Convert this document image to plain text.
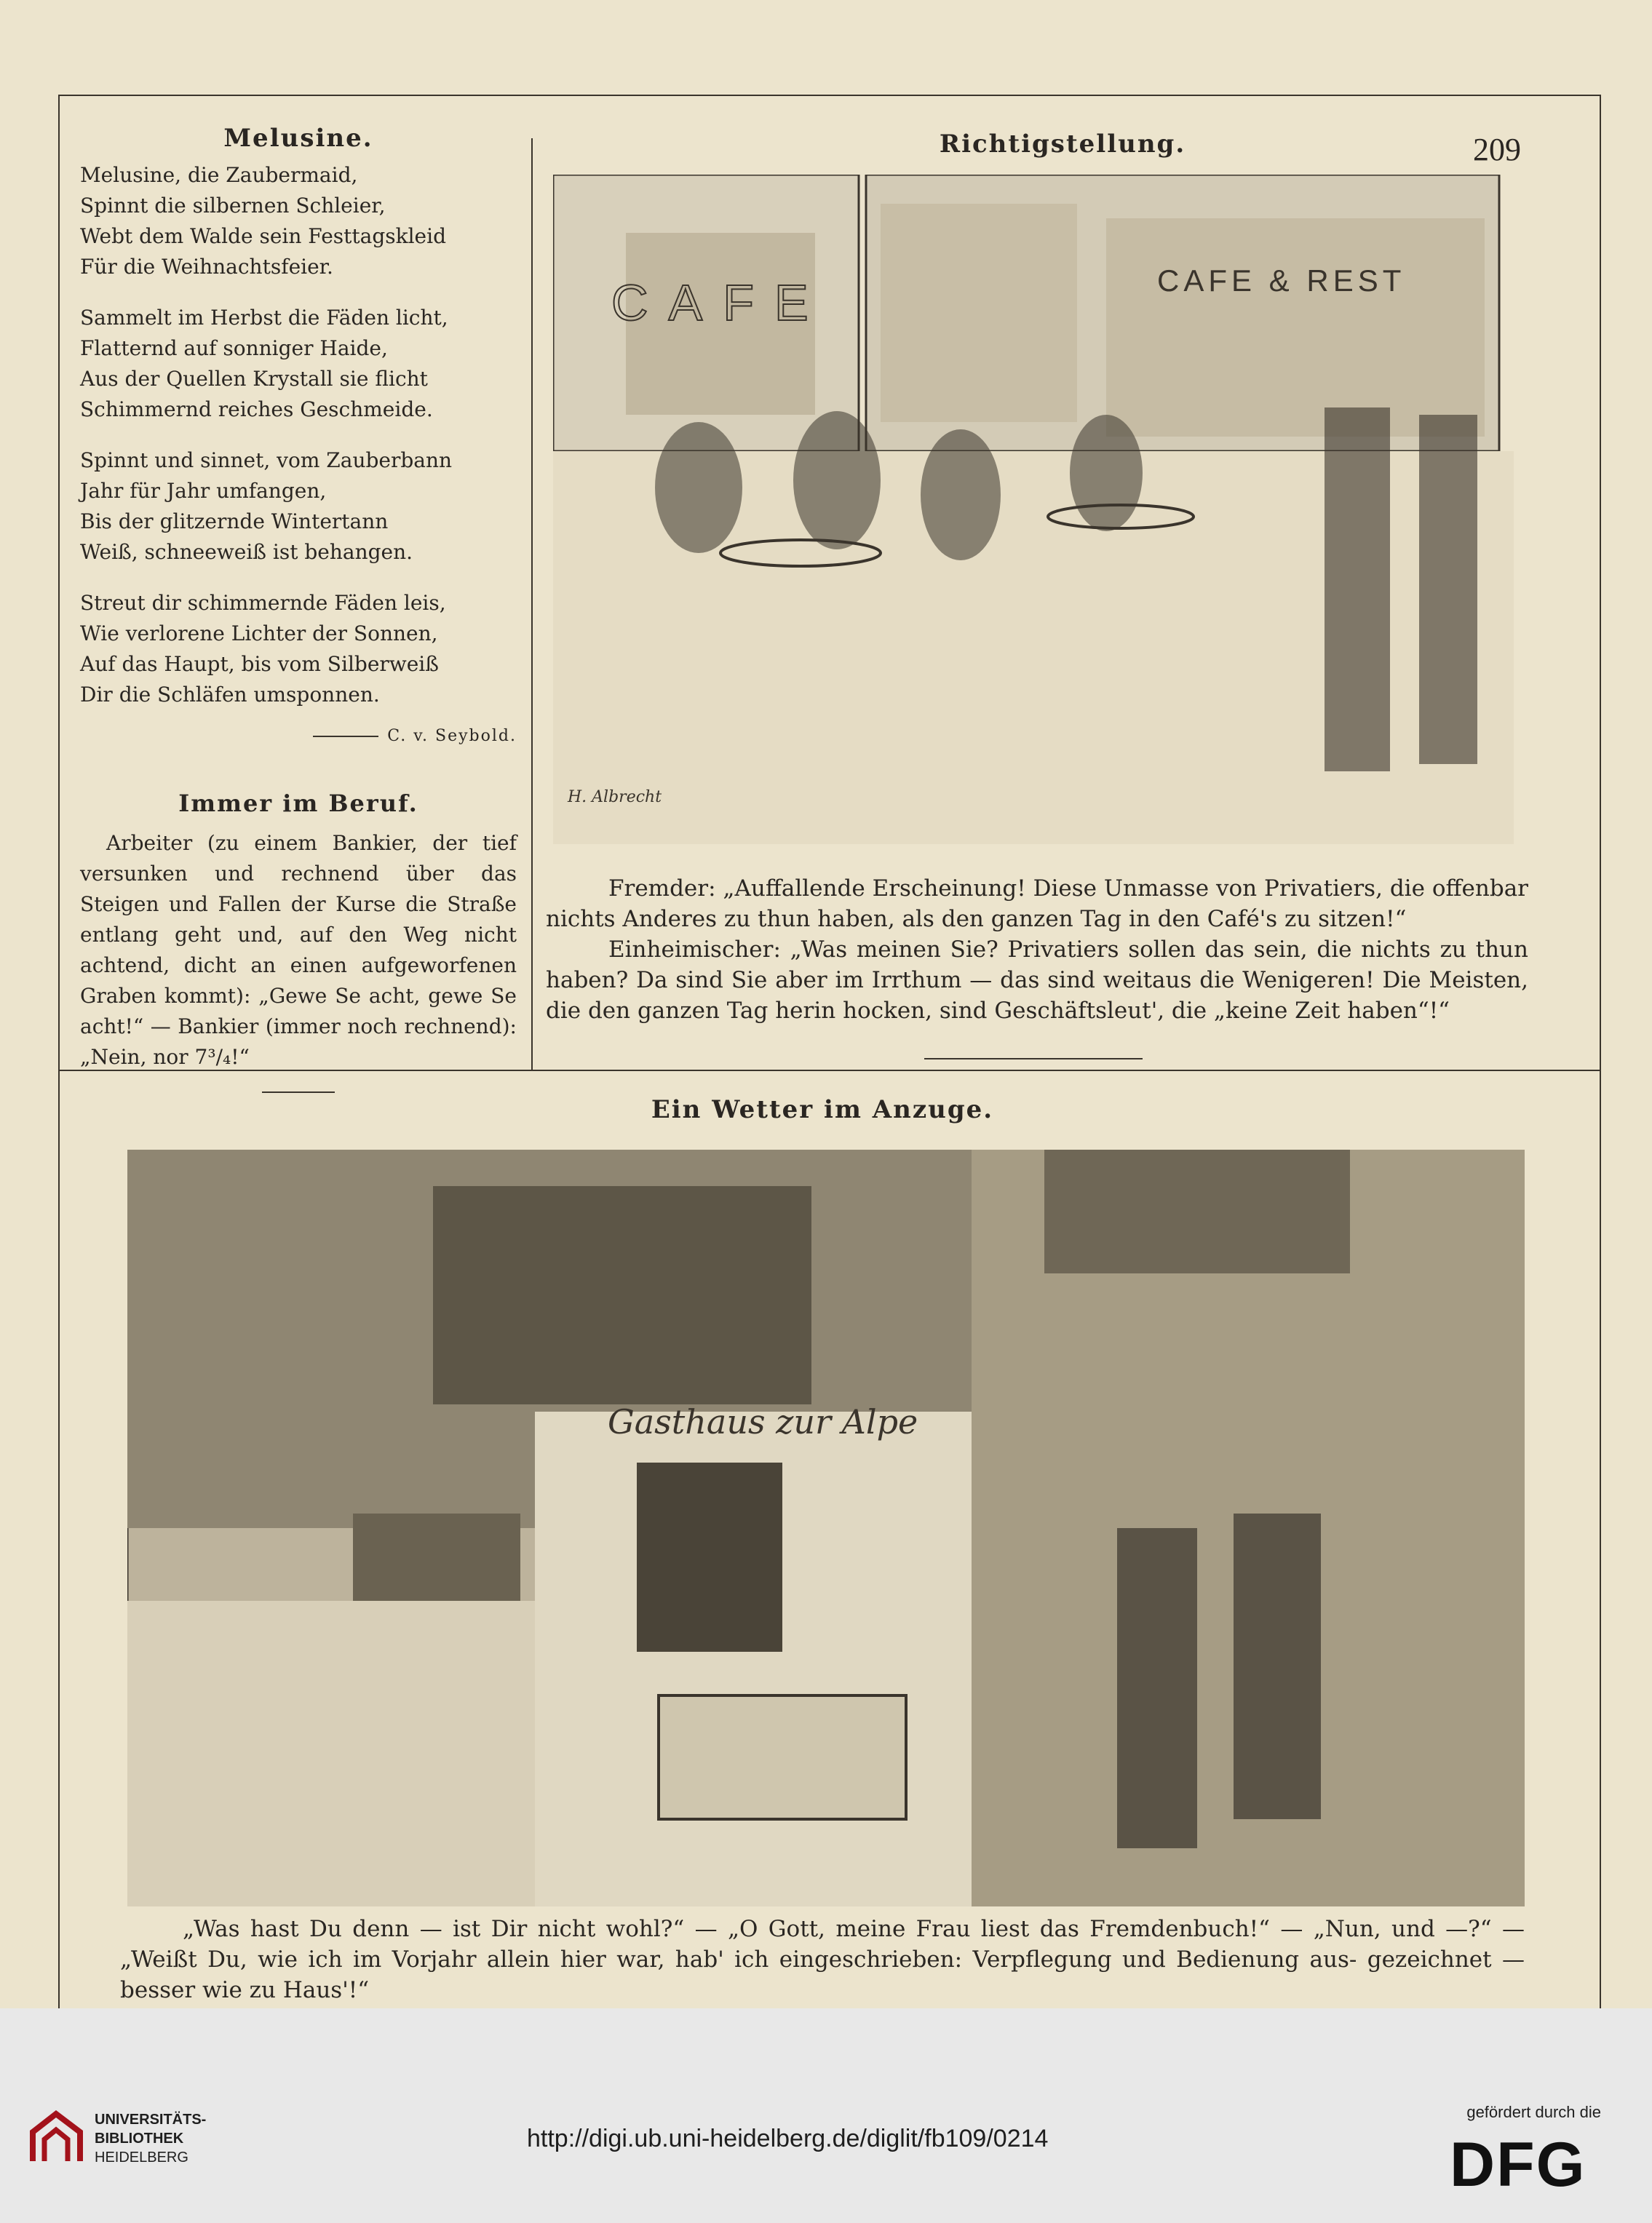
209
Melusine.
Melusine, die Zaubermaid,
Spinnt die silbernen Schleier,
Webt dem Walde sein Festtagskleid
Für die Weihnachtsfeier.
Sammelt im Herbst die Fäden licht,
Flatternd auf sonniger Haide,
Aus der Quellen Krystall sie flicht
Schimmernd reiches Geschmeide.
Spinnt und sinnet, vom Zauberbann
Jahr für Jahr umfangen,
Bis der glitzernde Wintertann
Weiß, schneeweiß ist behangen.
Streut dir schimmernde Fäden leis,
Wie verlorene Lichter der Sonnen,
Auf das Haupt, bis vom Silberweiß
Dir die Schläfen umsponnen.
C. v. Seybold.
Immer im Beruf.
Arbeiter (zu einem Bankier, der tief versunken und rechnend über das Steigen und Fallen der Kurse die Straße entlang geht und, auf den Weg nicht achtend, dicht an einen aufgeworfenen Graben kommt): „Gewe Se acht, gewe Se acht!“ — Bankier (immer noch rechnend): „Nein, nor 7³/₄!“
Richtigstellung.
CAFE	CAFE & REST
H. Albrecht

Fremder: „Auffallende Erscheinung! Diese Unmasse von Privatiers, die offenbar nichts Anderes zu thun haben, als den ganzen Tag in den Café's zu sitzen!“

Einheimischer: „Was meinen Sie? Privatiers sollen das sein, die nichts zu thun haben? Da sind Sie aber im Irrthum — das sind weitaus die Wenigeren! Die Meisten, die den ganzen Tag herin hocken, sind Geschäftsleut', die „keine Zeit haben“!“

Ein Wetter im Anzuge.
Gasthaus zur Alpe

„Was hast Du denn — ist Dir nicht wohl?“ — „O Gott, meine Frau liest das Fremdenbuch!“ — „Nun, und —?“ — „Weißt Du, wie ich im Vorjahr allein hier war, hab' ich eingeschrieben: Verpflegung und Bedienung aus- gezeichnet — besser wie zu Haus'!“

UNIVERSITÄTS-
BIBLIOTHEK
HEIDELBERG
http://digi.ub.uni-heidelberg.de/diglit/fb109/0214
gefördert durch die
DFG
